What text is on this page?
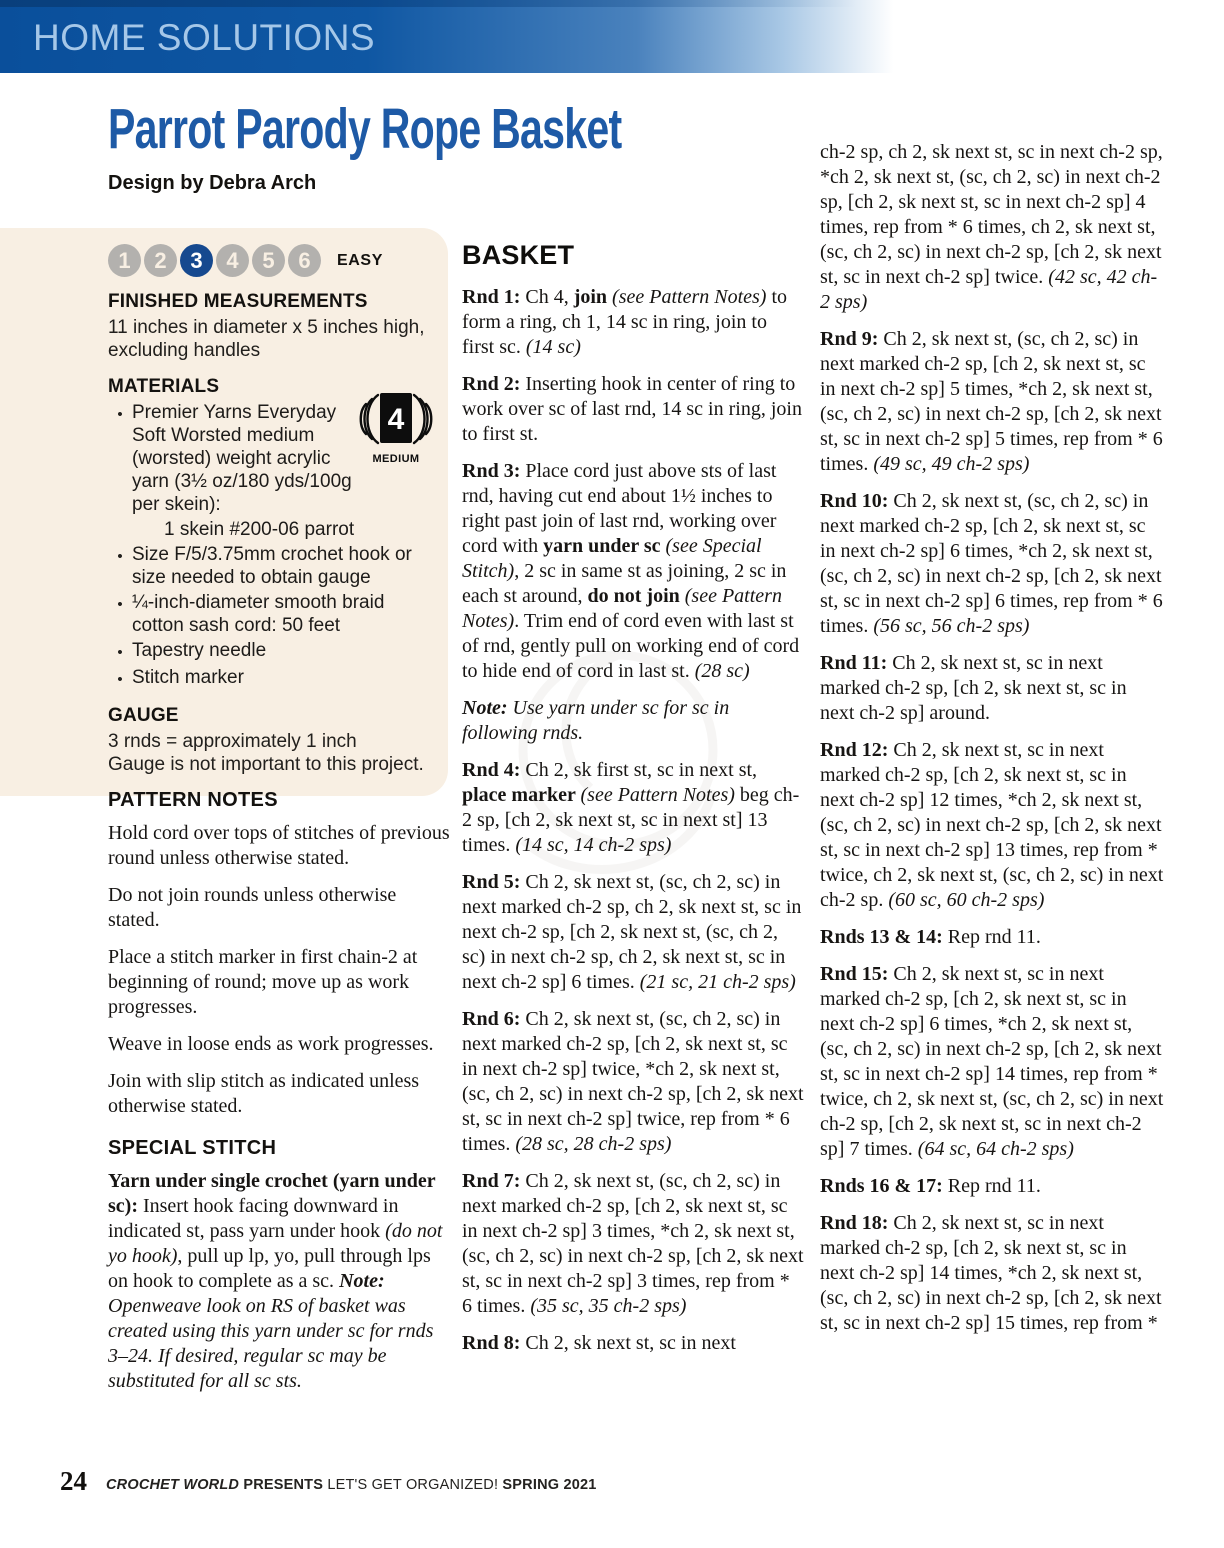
HOME SOLUTIONS
Parrot Parody Rope Basket
Design by Debra Arch
1	2	3	4	5	6	EASY
FINISHED MEASUREMENTS
11 inches in diameter x 5 inches high, excluding handles
MATERIALS
• Premier Yarns Everyday Soft Worsted medium (worsted) weight acrylic yarn (3½ oz/180 yds/100g per skein):
1 skein #200-06 parrot
• Size F/5/3.75mm crochet hook or size needed to obtain gauge
• ¼-inch-diameter smooth braid cotton sash cord: 50 feet
• Tapestry needle
• Stitch marker
GAUGE
3 rnds = approximately 1 inch
Gauge is not important to this project.
4
MEDIUM
PATTERN NOTES

Hold cord over tops of stitches of previous round unless otherwise stated.

Do not join rounds unless otherwise stated.

Place a stitch marker in first chain-2 at beginning of round; move up as work progresses.

Weave in loose ends as work progresses.

Join with slip stitch as indicated unless otherwise stated.

SPECIAL STITCH

Yarn under single crochet (yarn under sc): Insert hook facing downward in indicated st, pass yarn under hook (do not yo hook), pull up lp, yo, pull through lps on hook to complete as a sc. Note: Openweave look on RS of basket was created using this yarn under sc for rnds 3–24. If desired, regular sc may be substituted for all sc sts.

BASKET

Rnd 1: Ch 4, join (see Pattern Notes) to form a ring, ch 1, 14 sc in ring, join to first sc. (14 sc)

Rnd 2: Inserting hook in center of ring to work over sc of last rnd, 14 sc in ring, join to first st.

Rnd 3: Place cord just above sts of last rnd, having cut end about 1½ inches to right past join of last rnd, working over cord with yarn under sc (see Special Stitch), 2 sc in same st as joining, 2 sc in each st around, do not join (see Pattern Notes). Trim end of cord even with last st of rnd, gently pull on working end of cord to hide end of cord in last st. (28 sc)

Note: Use yarn under sc for sc in following rnds.

Rnd 4: Ch 2, sk first st, sc in next st, place marker (see Pattern Notes) beg ch-2 sp, [ch 2, sk next st, sc in next st] 13 times. (14 sc, 14 ch-2 sps)

Rnd 5: Ch 2, sk next st, (sc, ch 2, sc) in next marked ch-2 sp, ch 2, sk next st, sc in next ch-2 sp, [ch 2, sk next st, (sc, ch 2, sc) in next ch-2 sp, ch 2, sk next st, sc in next ch-2 sp] 6 times. (21 sc, 21 ch-2 sps)

Rnd 6: Ch 2, sk next st, (sc, ch 2, sc) in next marked ch-2 sp, [ch 2, sk next st, sc in next ch-2 sp] twice, *ch 2, sk next st, (sc, ch 2, sc) in next ch-2 sp, [ch 2, sk next st, sc in next ch-2 sp] twice, rep from * 6 times. (28 sc, 28 ch-2 sps)

Rnd 7: Ch 2, sk next st, (sc, ch 2, sc) in next marked ch-2 sp, [ch 2, sk next st, sc in next ch-2 sp] 3 times, *ch 2, sk next st, (sc, ch 2, sc) in next ch-2 sp, [ch 2, sk next st, sc in next ch-2 sp] 3 times, rep from * 6 times. (35 sc, 35 ch-2 sps)

Rnd 8: Ch 2, sk next st, sc in next

ch-2 sp, ch 2, sk next st, sc in next ch-2 sp, *ch 2, sk next st, (sc, ch 2, sc) in next ch-2 sp, [ch 2, sk next st, sc in next ch-2 sp] 4 times, rep from * 6 times, ch 2, sk next st, (sc, ch 2, sc) in next ch-2 sp, [ch 2, sk next st, sc in next ch-2 sp] twice. (42 sc, 42 ch-2 sps)

Rnd 9: Ch 2, sk next st, (sc, ch 2, sc) in next marked ch-2 sp, [ch 2, sk next st, sc in next ch-2 sp] 5 times, *ch 2, sk next st, (sc, ch 2, sc) in next ch-2 sp, [ch 2, sk next st, sc in next ch-2 sp] 5 times, rep from * 6 times. (49 sc, 49 ch-2 sps)

Rnd 10: Ch 2, sk next st, (sc, ch 2, sc) in next marked ch-2 sp, [ch 2, sk next st, sc in next ch-2 sp] 6 times, *ch 2, sk next st, (sc, ch 2, sc) in next ch-2 sp, [ch 2, sk next st, sc in next ch-2 sp] 6 times, rep from * 6 times. (56 sc, 56 ch-2 sps)

Rnd 11: Ch 2, sk next st, sc in next marked ch-2 sp, [ch 2, sk next st, sc in next ch-2 sp] around.

Rnd 12: Ch 2, sk next st, sc in next marked ch-2 sp, [ch 2, sk next st, sc in next ch-2 sp] 12 times, *ch 2, sk next st, (sc, ch 2, sc) in next ch-2 sp, [ch 2, sk next st, sc in next ch-2 sp] 13 times, rep from * twice, ch 2, sk next st, (sc, ch 2, sc) in next ch-2 sp. (60 sc, 60 ch-2 sps)

Rnds 13 & 14: Rep rnd 11.

Rnd 15: Ch 2, sk next st, sc in next marked ch-2 sp, [ch 2, sk next st, sc in next ch-2 sp] 6 times, *ch 2, sk next st, (sc, ch 2, sc) in next ch-2 sp, [ch 2, sk next st, sc in next ch-2 sp] 14 times, rep from * twice, ch 2, sk next st, (sc, ch 2, sc) in next ch-2 sp, [ch 2, sk next st, sc in next ch-2 sp] 7 times. (64 sc, 64 ch-2 sps)

Rnds 16 & 17: Rep rnd 11.

Rnd 18: Ch 2, sk next st, sc in next marked ch-2 sp, [ch 2, sk next st, sc in next ch-2 sp] 14 times, *ch 2, sk next st, (sc, ch 2, sc) in next ch-2 sp, [ch 2, sk next st, sc in next ch-2 sp] 15 times, rep from *

24 CROCHET WORLD PRESENTS LET'S GET ORGANIZED! SPRING 2021
